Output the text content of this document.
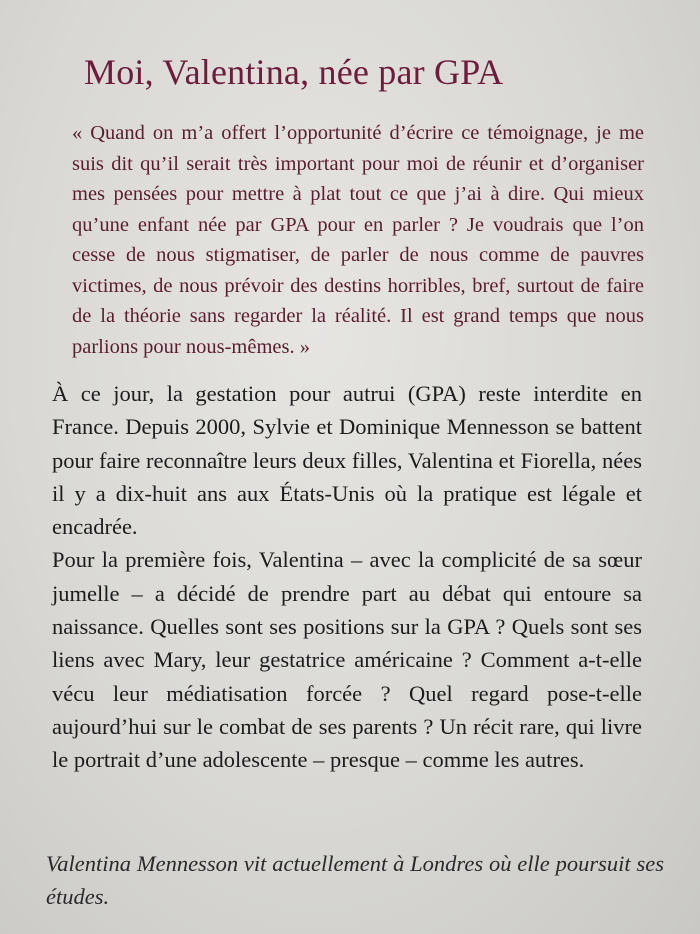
Moi, Valentina, née par GPA

« Quand on m’a offert l’opportunité d’écrire ce témoignage, je me suis dit qu’il serait très important pour moi de réunir et d’organiser mes pensées pour mettre à plat tout ce que j’ai à dire. Qui mieux qu’une enfant née par GPA pour en parler ? Je voudrais que l’on cesse de nous stigmatiser, de parler de nous comme de pauvres victimes, de nous prévoir des destins horribles, bref, surtout de faire de la théorie sans regarder la réalité. Il est grand temps que nous parlions pour nous-mêmes. »

À ce jour, la gestation pour autrui (GPA) reste interdite en France. Depuis 2000, Sylvie et Dominique Mennesson se battent pour faire reconnaître leurs deux filles, Valentina et Fiorella, nées il y a dix-huit ans aux États-Unis où la pratique est légale et encadrée.

Pour la première fois, Valentina – avec la complicité de sa sœur jumelle – a décidé de prendre part au débat qui entoure sa naissance. Quelles sont ses positions sur la GPA ? Quels sont ses liens avec Mary, leur gestatrice américaine ? Comment a-t-elle vécu leur médiatisation forcée ? Quel regard pose-t-elle aujourd’hui sur le combat de ses parents ? Un récit rare, qui livre le portrait d’une adolescente – presque – comme les autres.

Valentina Mennesson vit actuellement à Londres où elle poursuit ses études.
